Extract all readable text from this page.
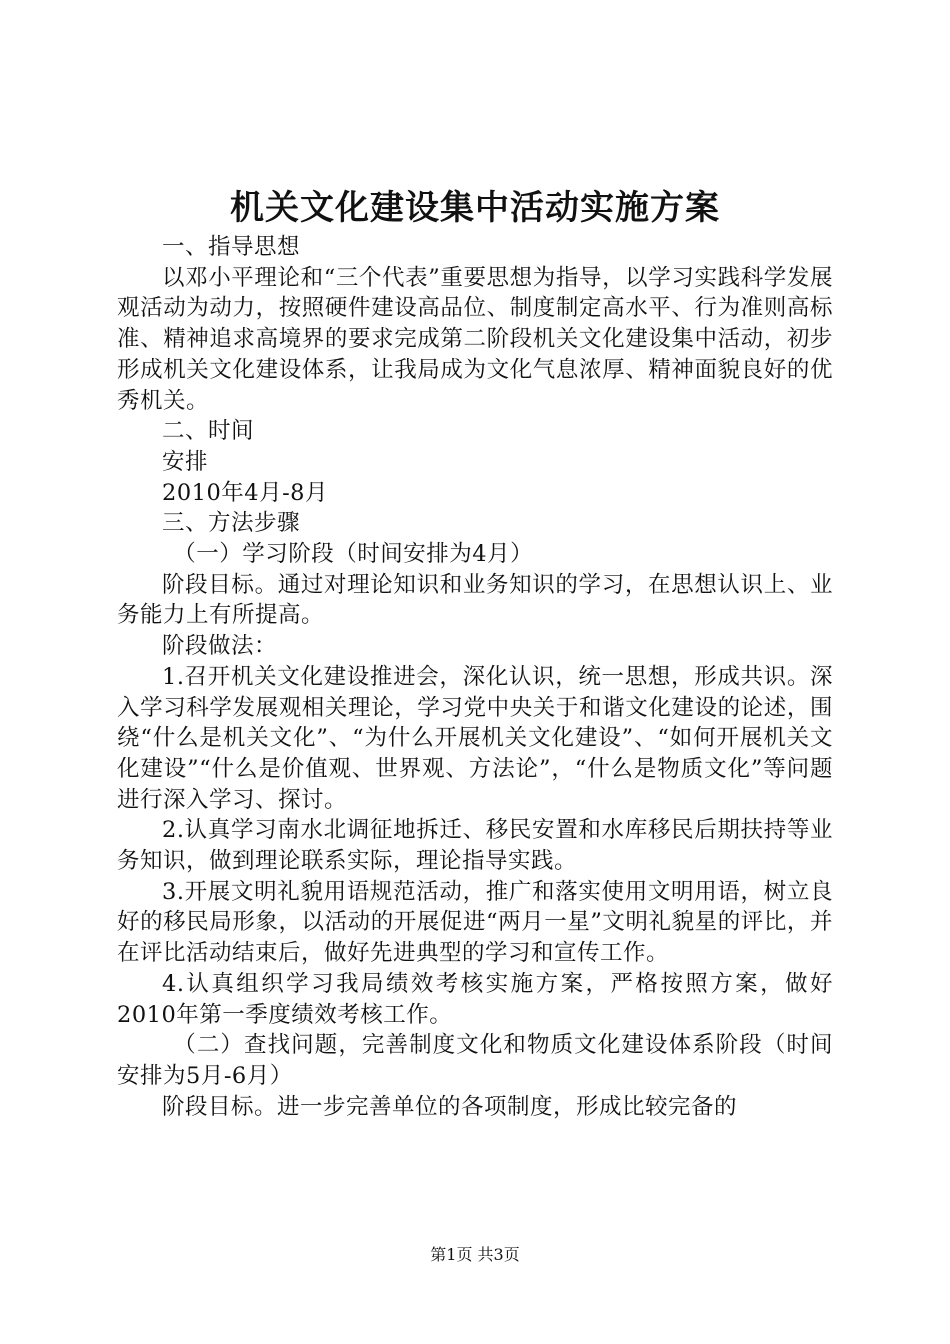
机关文化建设集中活动实施方案

一、指导思想

以邓小平理论和“三个代表”重要思想为指导，以学习实践科学发展观活动为动力，按照硬件建设高品位、制度制定高水平、行为准则高标准、精神追求高境界的要求完成第二阶段机关文化建设集中活动，初步形成机关文化建设体系，让我局成为文化气息浓厚、精神面貌良好的优秀机关。

二、时间

安排

2010年4月-8月

三、方法步骤

（一）学习阶段（时间安排为4月）

阶段目标。通过对理论知识和业务知识的学习，在思想认识上、业务能力上有所提高。

阶段做法：

1.召开机关文化建设推进会，深化认识，统一思想，形成共识。深入学习科学发展观相关理论，学习党中央关于和谐文化建设的论述，围绕“什么是机关文化”、“为什么开展机关文化建设”、“如何开展机关文化建设”“什么是价值观、世界观、方法论”，“什么是物质文化”等问题进行深入学习、探讨。

2.认真学习南水北调征地拆迁、移民安置和水库移民后期扶持等业务知识，做到理论联系实际，理论指导实践。

3.开展文明礼貌用语规范活动，推广和落实使用文明用语，树立良好的移民局形象，以活动的开展促进“两月一星”文明礼貌星的评比，并在评比活动结束后，做好先进典型的学习和宣传工作。

4.认真组织学习我局绩效考核实施方案，严格按照方案，做好2010年第一季度绩效考核工作。

（二）查找问题，完善制度文化和物质文化建设体系阶段（时间安排为5月-6月）

阶段目标。进一步完善单位的各项制度，形成比较完备的

第1页 共3页
